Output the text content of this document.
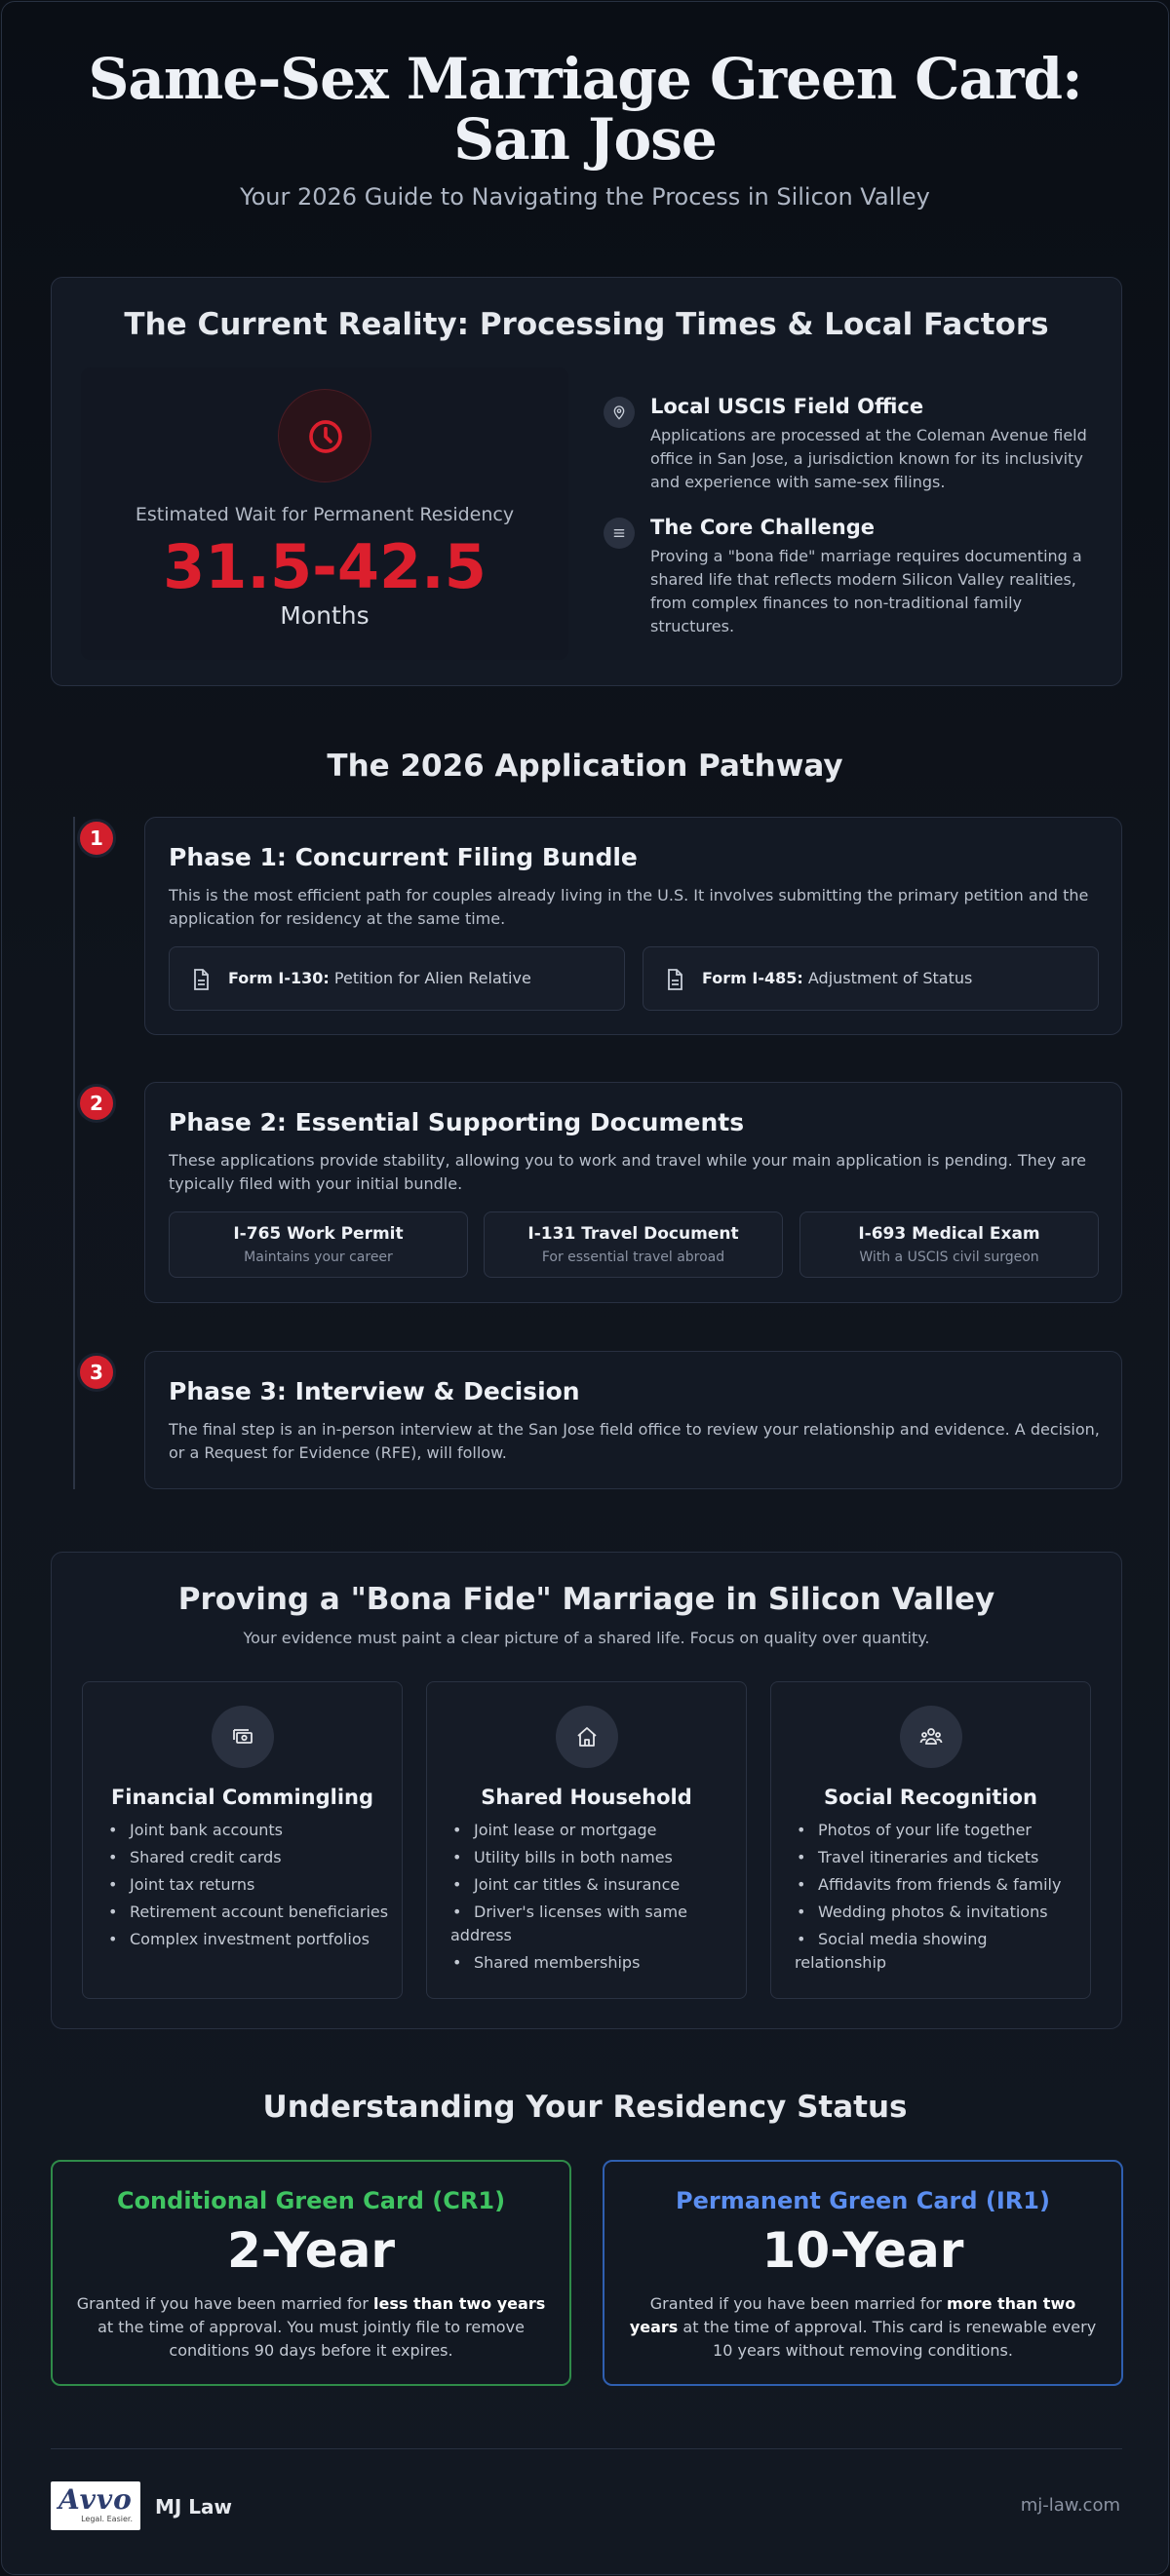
Same-Sex Marriage Green Card: San Jose
Your 2026 Guide to Navigating the Process in Silicon Valley
The Current Reality: Processing Times & Local Factors
Estimated Wait for Permanent Residency
31.5-42.5
Months
Local USCIS Field Office
Applications are processed at the Coleman Avenue field office in San Jose, a jurisdiction known for its inclusivity and experience with same-sex filings.
The Core Challenge
Proving a "bona fide" marriage requires documenting a shared life that reflects modern Silicon Valley realities, from complex finances to non-traditional family structures.
The 2026 Application Pathway
1
Phase 1: Concurrent Filing Bundle
This is the most efficient path for couples already living in the U.S. It involves submitting the primary petition and the application for residency at the same time.
Form I-130: Petition for Alien Relative	Form I-485: Adjustment of Status
2
Phase 2: Essential Supporting Documents
These applications provide stability, allowing you to work and travel while your main application is pending. They are typically filed with your initial bundle.
I-765 Work Permit
Maintains your career
I-131 Travel Document
For essential travel abroad
I-693 Medical Exam
With a USCIS civil surgeon
3
Phase 3: Interview & Decision
The final step is an in-person interview at the San Jose field office to review your relationship and evidence. A decision, or a Request for Evidence (RFE), will follow.
Proving a "Bona Fide" Marriage in Silicon Valley
Your evidence must paint a clear picture of a shared life. Focus on quality over quantity.
Financial Commingling
• Joint bank accounts
• Shared credit cards
• Joint tax returns
• Retirement account beneficiaries
• Complex investment portfolios
Shared Household
• Joint lease or mortgage
• Utility bills in both names
• Joint car titles & insurance
• Driver's licenses with same address
• Shared memberships
Social Recognition
• Photos of your life together
• Travel itineraries and tickets
• Affidavits from friends & family
• Wedding photos & invitations
• Social media showing relationship
Understanding Your Residency Status
Conditional Green Card (CR1)
2-Year
Granted if you have been married for less than two years at the time of approval. You must jointly file to remove conditions 90 days before it expires.
Permanent Green Card (IR1)
10-Year
Granted if you have been married for more than two years at the time of approval. This card is renewable every 10 years without removing conditions.
Avvo
Legal. Easier.
MJ Law	mj-law.com
